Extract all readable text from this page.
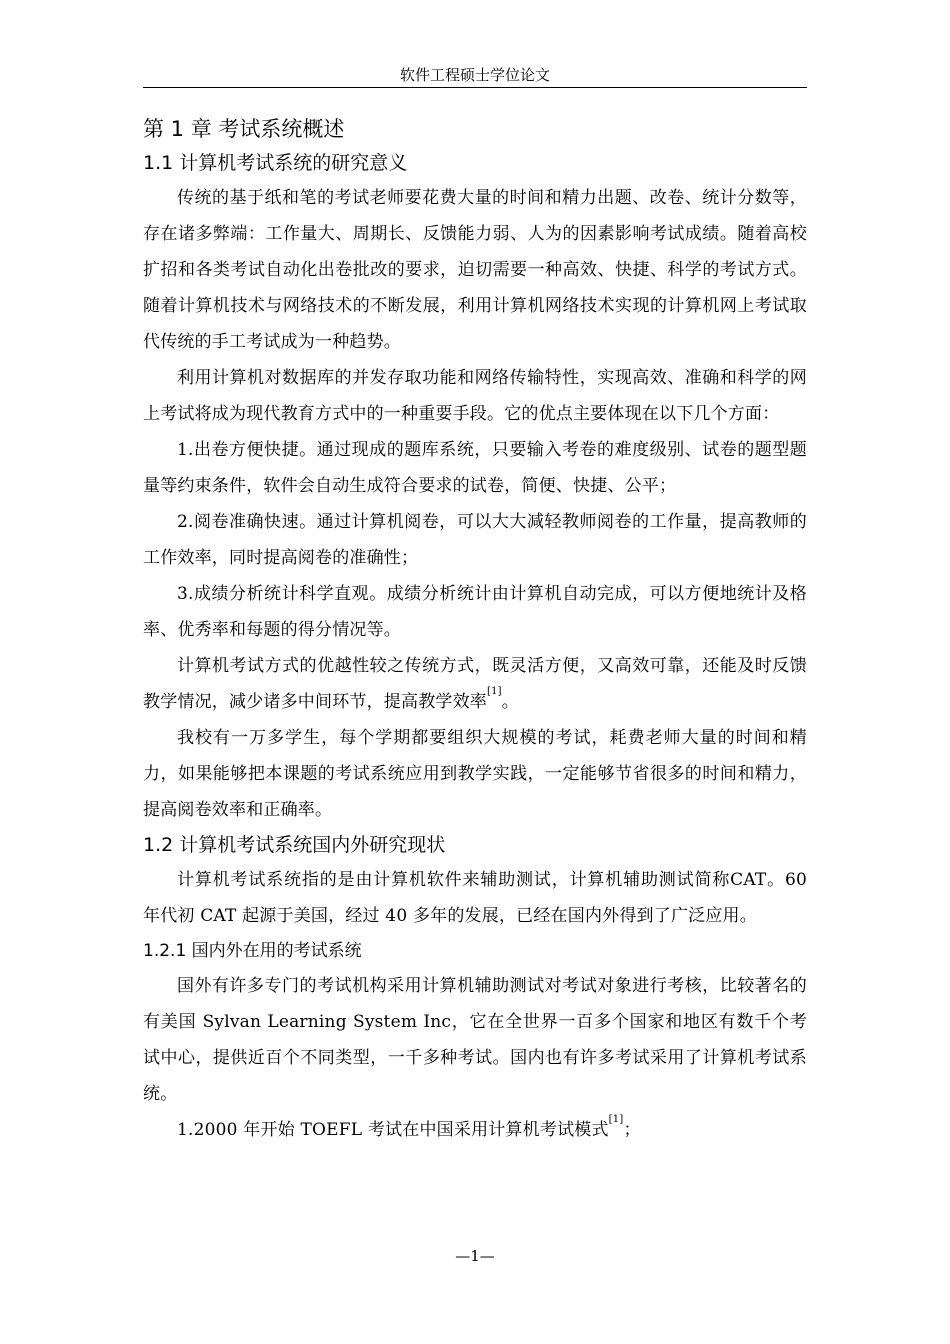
软件工程硕士学位论文
第 1 章 考试系统概述
1.1 计算机考试系统的研究意义

传统的基于纸和笔的考试老师要花费大量的时间和精力出题、改卷、统计分数等，存在诸多弊端：工作量大、周期长、反馈能力弱、人为的因素影响考试成绩。随着高校扩招和各类考试自动化出卷批改的要求，迫切需要一种高效、快捷、科学的考试方式。随着计算机技术与网络技术的不断发展，利用计算机网络技术实现的计算机网上考试取代传统的手工考试成为一种趋势。

利用计算机对数据库的并发存取功能和网络传输特性，实现高效、准确和科学的网上考试将成为现代教育方式中的一种重要手段。它的优点主要体现在以下几个方面：

1.出卷方便快捷。通过现成的题库系统，只要输入考卷的难度级别、试卷的题型题量等约束条件，软件会自动生成符合要求的试卷，简便、快捷、公平；

2.阅卷准确快速。通过计算机阅卷，可以大大减轻教师阅卷的工作量，提高教师的工作效率，同时提高阅卷的准确性；

3.成绩分析统计科学直观。成绩分析统计由计算机自动完成，可以方便地统计及格率、优秀率和每题的得分情况等。

计算机考试方式的优越性较之传统方式，既灵活方便，又高效可靠，还能及时反馈教学情况，减少诸多中间环节，提高教学效率[1]。

我校有一万多学生，每个学期都要组织大规模的考试，耗费老师大量的时间和精力，如果能够把本课题的考试系统应用到教学实践，一定能够节省很多的时间和精力，提高阅卷效率和正确率。

1.2 计算机考试系统国内外研究现状

计算机考试系统指的是由计算机软件来辅助测试，计算机辅助测试简称CAT。60 年代初 CAT 起源于美国，经过 40 多年的发展，已经在国内外得到了广泛应用。

1.2.1 国内外在用的考试系统

国外有许多专门的考试机构采用计算机辅助测试对考试对象进行考核，比较著名的有美国 Sylvan Learning System Inc，它在全世界一百多个国家和地区有数千个考试中心，提供近百个不同类型，一千多种考试。国内也有许多考试采用了计算机考试系统。

1.2000 年开始 TOEFL 考试在中国采用计算机考试模式[1]；

—1—
